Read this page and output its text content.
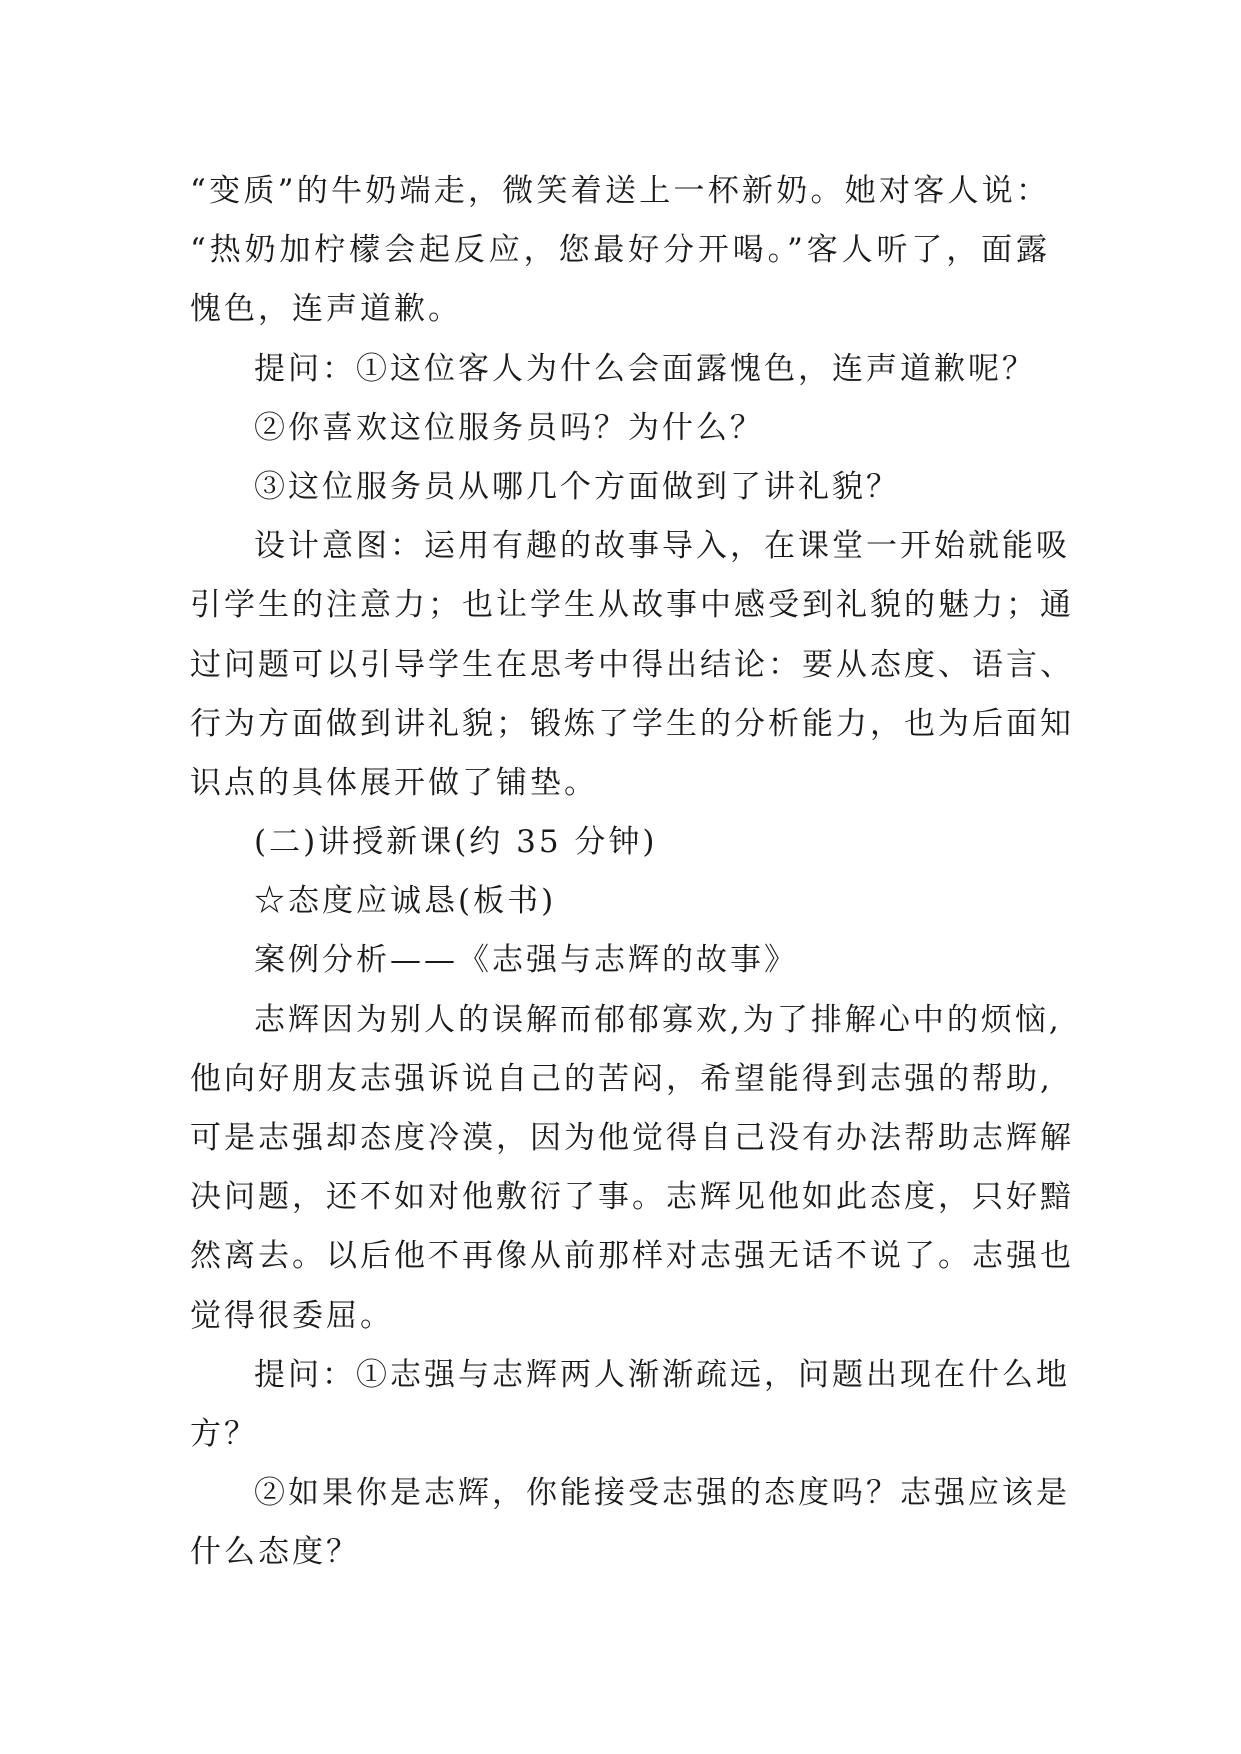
“变质”的牛奶端走，微笑着送上一杯新奶。她对客人说：
“热奶加柠檬会起反应，您最好分开喝。”客人听了，面露
愧色，连声道歉。
提问：①这位客人为什么会面露愧色，连声道歉呢？
②你喜欢这位服务员吗？为什么？
③这位服务员从哪几个方面做到了讲礼貌？
设计意图：运用有趣的故事导入，在课堂一开始就能吸
引学生的注意力；也让学生从故事中感受到礼貌的魅力；通
过问题可以引导学生在思考中得出结论：要从态度、语言、
行为方面做到讲礼貌；锻炼了学生的分析能力，也为后面知
识点的具体展开做了铺垫。
(二)讲授新课(约 35 分钟)
☆态度应诚恳(板书)
案例分析——《志强与志辉的故事》
志辉因为别人的误解而郁郁寡欢,为了排解心中的烦恼,
他向好朋友志强诉说自己的苦闷，希望能得到志强的帮助,
可是志强却态度冷漠，因为他觉得自己没有办法帮助志辉解
决问题，还不如对他敷衍了事。志辉见他如此态度，只好黯
然离去。以后他不再像从前那样对志强无话不说了。志强也
觉得很委屈。
提问：①志强与志辉两人渐渐疏远，问题出现在什么地
方？
②如果你是志辉，你能接受志强的态度吗？志强应该是
什么态度？
